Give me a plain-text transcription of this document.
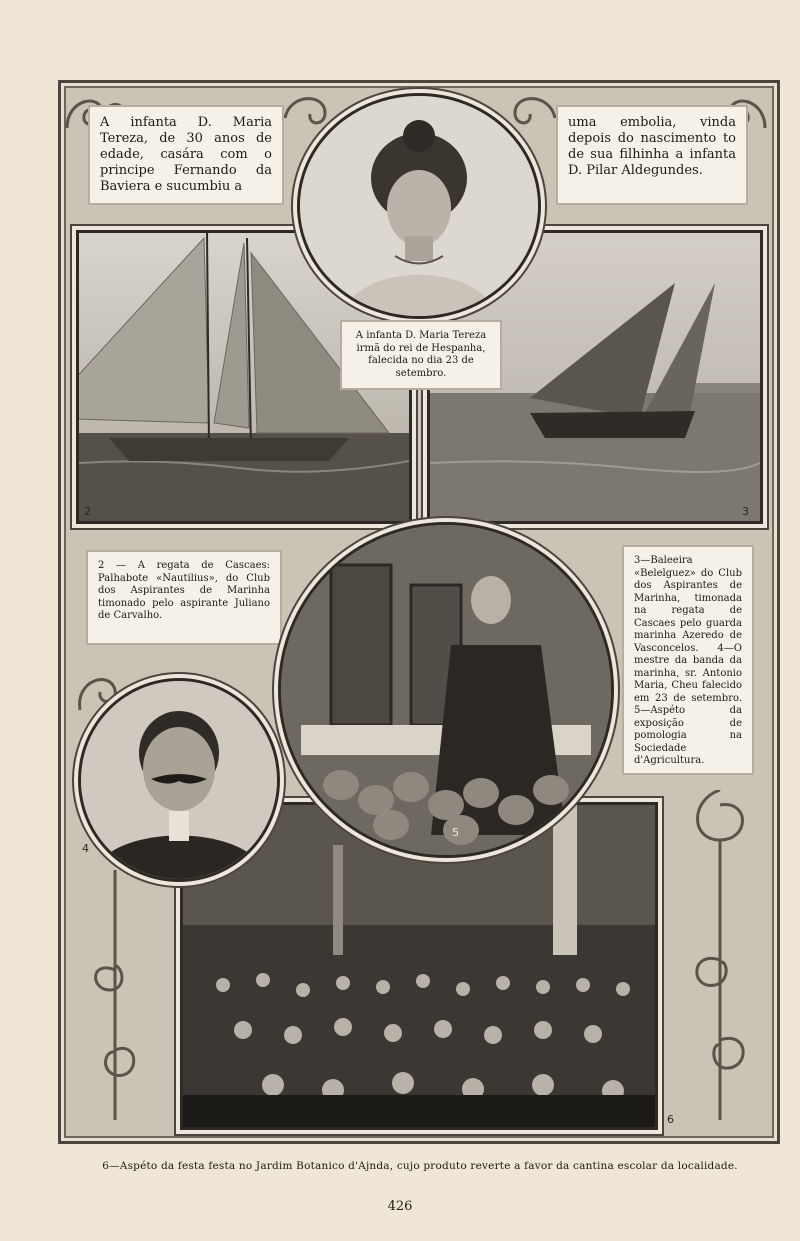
A infanta D. Maria Tereza, de 30 anos de edade, casára com o principe Fernando da Baviera e sucumbiu a
uma embolia, vinda depois do nascimento to de sua filhinha a infanta D. Pilar Aldegundes.
2	3
A infanta D. Maria Tereza irmã do rei de Hespanha, falecida no dia 23 de setembro.
2 — A regata de Cascaes: Palhabote «Nautilius», do Club dos Aspirantes de Marinha timonado pelo aspirante Juliano de Carvalho.
3—Baleeira «Belelguez» do Club dos Aspirantes de Marinha, timonada na regata de Cascaes pelo guarda marinha Azeredo de Vasconcelos. 4—O mestre da banda da marinha, sr. Antonio Maria, Cheu falecido em 23 de setembro. 5—Aspéto da exposição de pomologia na Sociedade d'Agricultura.
6
4
5
6—Aspéto da festa festa no Jardim Botanico d'Ajnda, cujo produto reverte a favor da cantina escolar da localidade.
426
